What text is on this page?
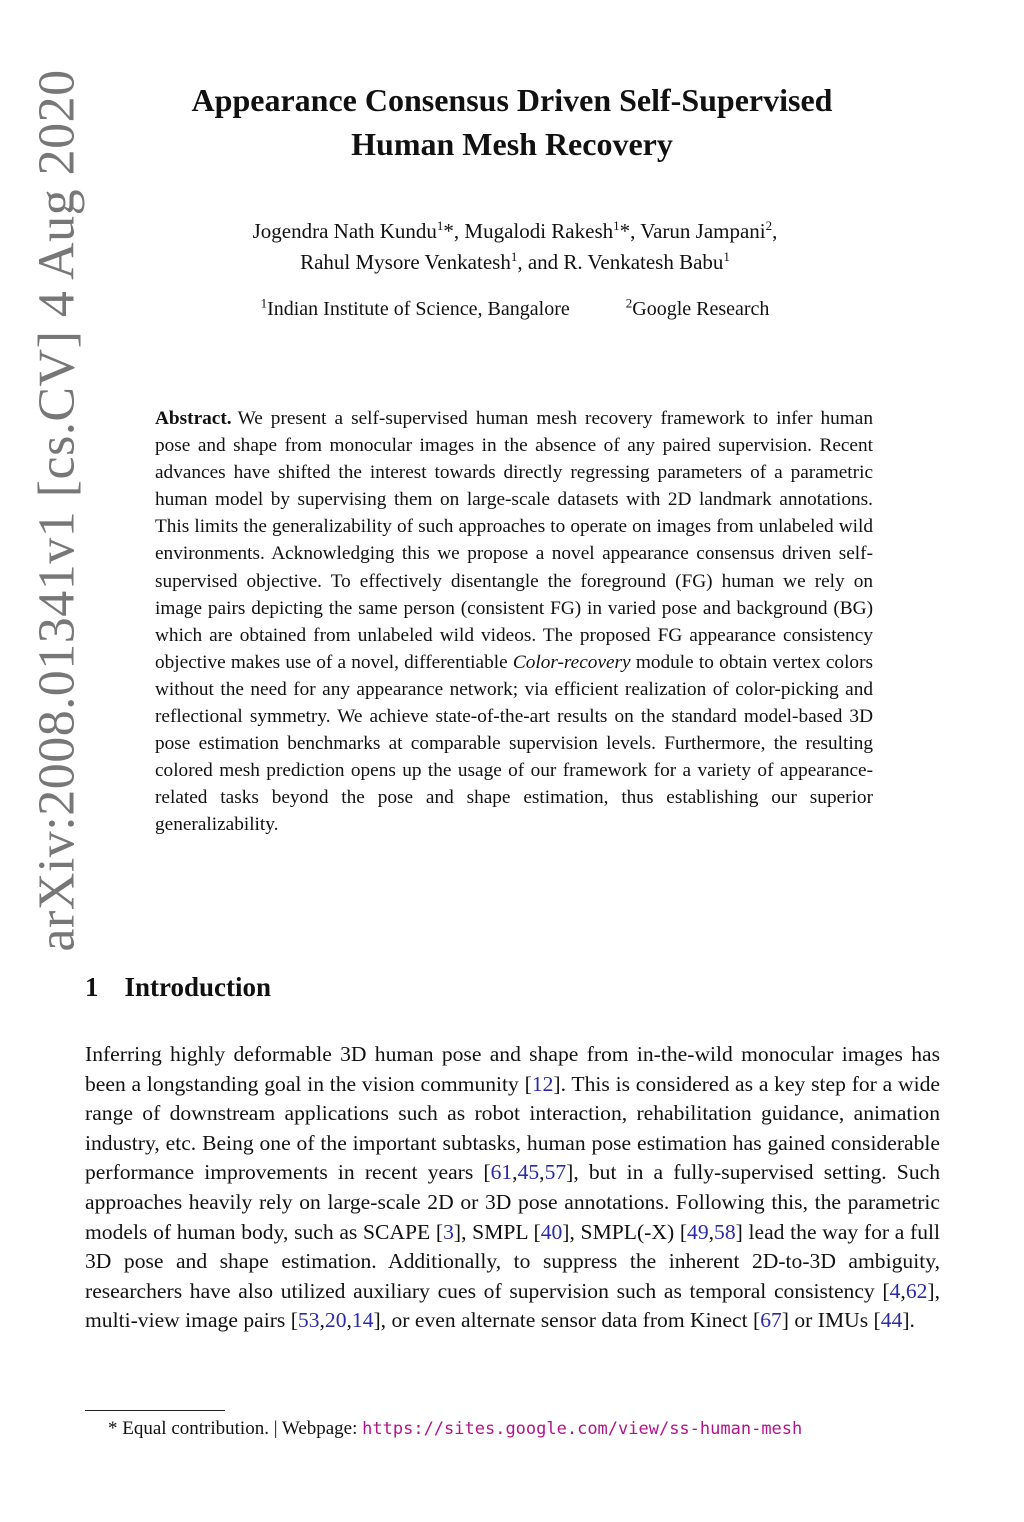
arXiv:2008.01341v1 [cs.CV] 4 Aug 2020	Appearance Consensus Driven Self-Supervised
Human Mesh Recovery
Jogendra Nath Kundu$^1$*, Mugalodi Rakesh$^1$*, Varun Jampani$^2$,
Rahul Mysore Venkatesh$^1$, and R. Venkatesh Babu$^1$
$^1$Indian Institute of Science, Bangalore	$^2$Google Research
Abstract. We present a self-supervised human mesh recovery framework to infer human pose and shape from monocular images in the absence of any paired supervision. Recent advances have shifted the interest towards directly regressing parameters of a parametric human model by supervising them on large-scale datasets with 2D landmark annotations. This limits the generalizability of such approaches to operate on images from unlabeled wild environments. Acknowledging this we propose a novel appearance consensus driven self-supervised objective. To effectively disentangle the foreground (FG) human we rely on image pairs depicting the same person (consistent FG) in varied pose and background (BG) which are obtained from unlabeled wild videos. The proposed FG appearance consistency objective makes use of a novel, differentiable Color-recovery module to obtain vertex colors without the need for any appearance network; via efficient realization of color-picking and reflectional symmetry. We achieve state-of-the-art results on the standard model-based 3D pose estimation benchmarks at comparable supervision levels. Furthermore, the resulting colored mesh prediction opens up the usage of our framework for a variety of appearance-related tasks beyond the pose and shape estimation, thus establishing our superior generalizability.
1 Introduction
Inferring highly deformable 3D human pose and shape from in-the-wild monocular images has been a longstanding goal in the vision community [12]. This is considered as a key step for a wide range of downstream applications such as robot interaction, rehabilitation guidance, animation industry, etc. Being one of the important subtasks, human pose estimation has gained considerable performance improvements in recent years [61,45,57], but in a fully-supervised setting. Such approaches heavily rely on large-scale 2D or 3D pose annotations. Following this, the parametric models of human body, such as SCAPE [3], SMPL [40], SMPL(-X) [49,58] lead the way for a full 3D pose and shape estimation. Additionally, to suppress the inherent 2D-to-3D ambiguity, researchers have also utilized auxiliary cues of supervision such as temporal consistency [4,62], multi-view image pairs [53,20,14], or even alternate sensor data from Kinect [67] or IMUs [44].
* Equal contribution. | Webpage: https://sites.google.com/view/ss-human-mesh
